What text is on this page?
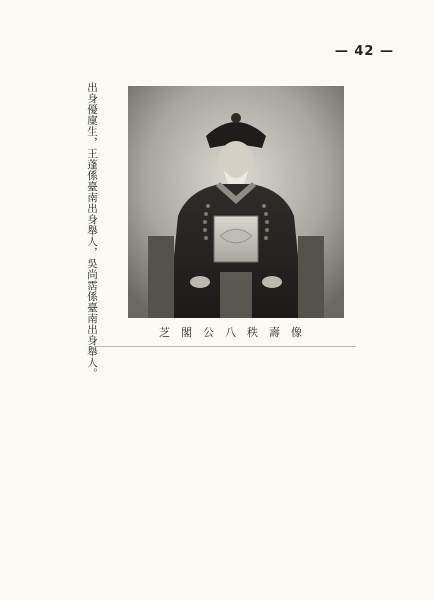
— 42 —
出身優廩生，王蓬係臺南出身舉人，吳尚霑係臺南出身舉人。	芝閣公八秩壽像
